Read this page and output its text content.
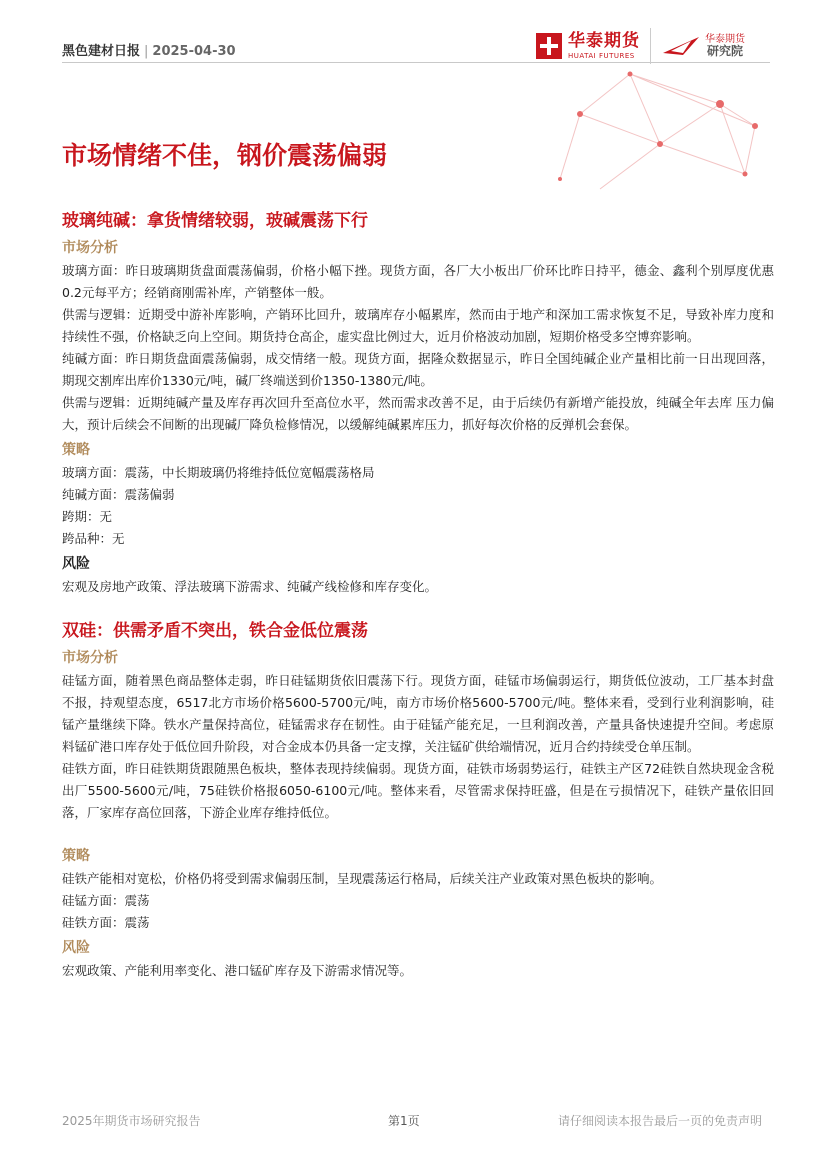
黑色建材日报 | 2025-04-30
华泰期货
HUATAI FUTURES
华泰期货
研究院
市场情绪不佳，钢价震荡偏弱

玻璃纯碱：拿货情绪较弱，玻碱震荡下行

市场分析

玻璃方面：昨日玻璃期货盘面震荡偏弱，价格小幅下挫。现货方面，各厂大小板出厂价环比昨日持平，德金、鑫利个别厚度优惠0.2元每平方；经销商刚需补库，产销整体一般。

供需与逻辑：近期受中游补库影响，产销环比回升，玻璃库存小幅累库，然而由于地产和深加工需求恢复不足，导致补库力度和持续性不强，价格缺乏向上空间。期货持仓高企，虚实盘比例过大，近月价格波动加剧，短期价格受多空博弈影响。

纯碱方面：昨日期货盘面震荡偏弱，成交情绪一般。现货方面，据隆众数据显示，昨日全国纯碱企业产量相比前一日出现回落，期现交割库出库价1330元/吨，碱厂终端送到价1350-1380元/吨。

供需与逻辑：近期纯碱产量及库存再次回升至高位水平，然而需求改善不足，由于后续仍有新增产能投放，纯碱全年去库 压力偏大，预计后续会不间断的出现碱厂降负检修情况，以缓解纯碱累库压力，抓好每次价格的反弹机会套保。

策略

玻璃方面：震荡，中长期玻璃仍将维持低位宽幅震荡格局

纯碱方面：震荡偏弱

跨期：无

跨品种：无

风险

宏观及房地产政策、浮法玻璃下游需求、纯碱产线检修和库存变化。

双硅：供需矛盾不突出，铁合金低位震荡

市场分析

硅锰方面，随着黑色商品整体走弱，昨日硅锰期货依旧震荡下行。现货方面，硅锰市场偏弱运行，期货低位波动，工厂基本封盘不报，持观望态度，6517北方市场价格5600-5700元/吨，南方市场价格5600-5700元/吨。整体来看，受到行业利润影响，硅锰产量继续下降。铁水产量保持高位，硅锰需求存在韧性。由于硅锰产能充足，一旦利润改善，产量具备快速提升空间。考虑原料锰矿港口库存处于低位回升阶段，对合金成本仍具备一定支撑，关注锰矿供给端情况，近月合约持续受仓单压制。

硅铁方面，昨日硅铁期货跟随黑色板块，整体表现持续偏弱。现货方面，硅铁市场弱势运行，硅铁主产区72硅铁自然块现金含税出厂5500-5600元/吨，75硅铁价格报6050-6100元/吨。整体来看，尽管需求保持旺盛，但是在亏损情况下，硅铁产量依旧回落，厂家库存高位回落，下游企业库存维持低位。

策略

硅铁产能相对宽松，价格仍将受到需求偏弱压制，呈现震荡运行格局，后续关注产业政策对黑色板块的影响。

硅锰方面：震荡

硅铁方面：震荡

风险

宏观政策、产能利用率变化、港口锰矿库存及下游需求情况等。

2025年期货市场研究报告	第1页	请仔细阅读本报告最后一页的免责声明
